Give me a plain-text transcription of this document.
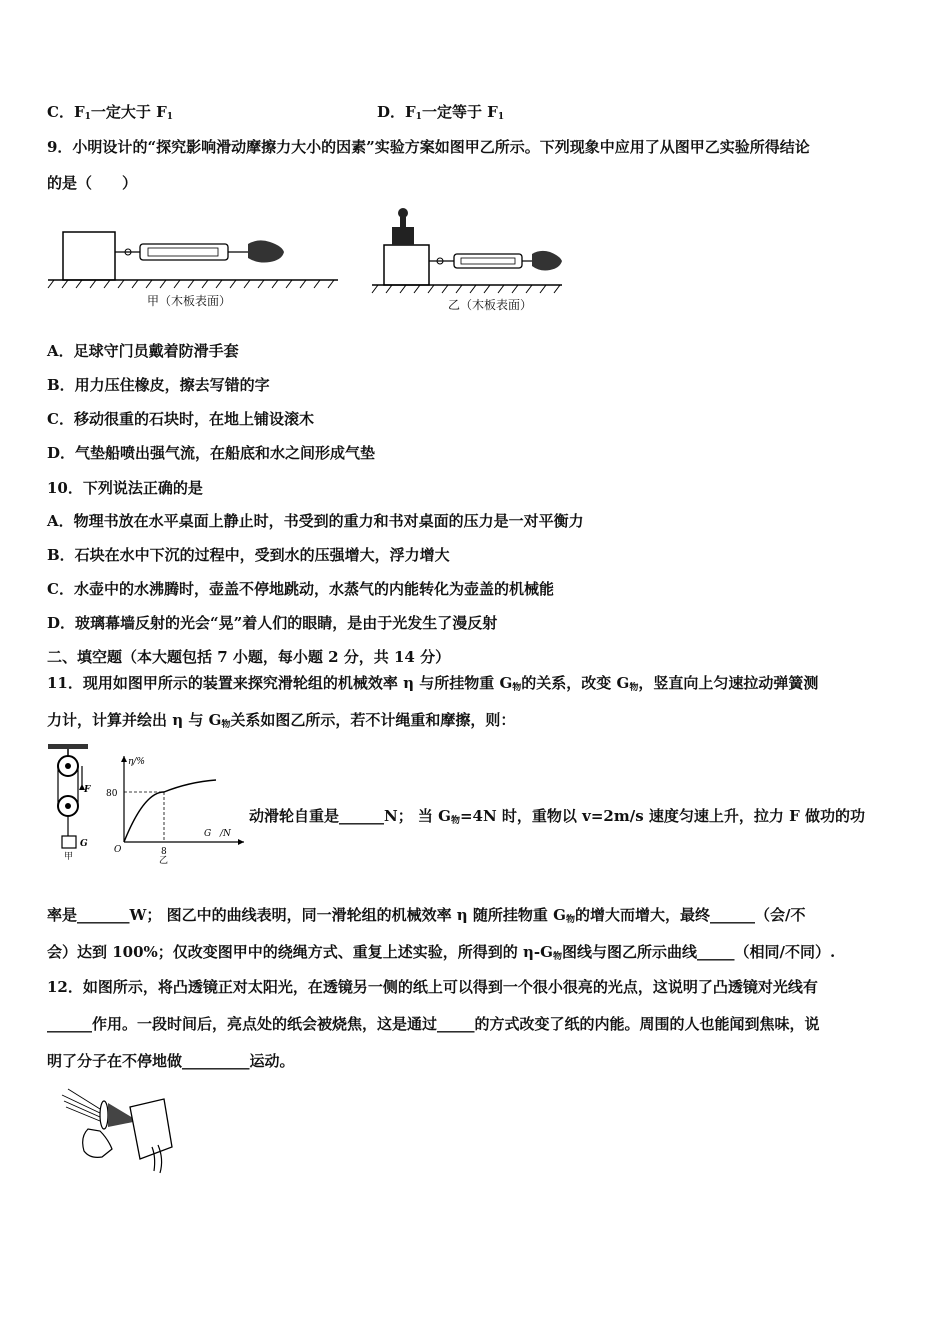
C．$F_1$一定大于 $F_1$	D．$F_1$一定等于 $F_1$
9．小明设计的“探究影响滑动摩擦力大小的因素”实验方案如图甲乙所示。下列现象中应用了从图甲乙实验所得结论
的是（　　）
甲（木板表面）	乙（木板表面）
A．足球守门员戴着防滑手套
B．用力压住橡皮，擦去写错的字
C．移动很重的石块时，在地上铺设滚木
D．气垫船喷出强气流，在船底和水之间形成气垫
10．下列说法正确的是
A．物理书放在水平桌面上静止时，书受到的重力和书对桌面的压力是一对平衡力
B．石块在水中下沉的过程中，受到水的压强增大，浮力增大
C．水壶中的水沸腾时，壶盖不停地跳动，水蒸气的内能转化为壶盖的机械能
D．玻璃幕墙反射的光会“晃”着人们的眼睛，是由于光发生了漫反射
二、填空题（本大题包括 7 小题，每小题 2 分，共 14 分）
11．现用如图甲所示的装置来探究滑轮组的机械效率 η 与所挂物重 $G_物$的关系，改变 $G_物$，竖直向上匀速拉动弹簧测
力计，计算并绘出 η 与 $G_物$关系如图乙所示，若不计绳重和摩擦，则：
F
G
甲
η/%
80
G /N
O	8
乙
动滑轮自重是______N； 当 $G_物=4N$ 时，重物以 v=2m/s 速度匀速上升，拉力 F 做功的功
率是_______W； 图乙中的曲线表明，同一滑轮组的机械效率 η 随所挂物重 $G_物$的增大而增大，最终______（会/不
会）达到 100%；仅改变图甲中的绕绳方式、重复上述实验，所得到的 $\eta-G_物$图线与图乙所示曲线_____（相同/不同）.
12．如图所示，将凸透镜正对太阳光，在透镜另一侧的纸上可以得到一个很小很亮的光点，这说明了凸透镜对光线有
______作用。一段时间后，亮点处的纸会被烧焦，这是通过_____的方式改变了纸的内能。周围的人也能闻到焦味，说
明了分子在不停地做_________运动。
